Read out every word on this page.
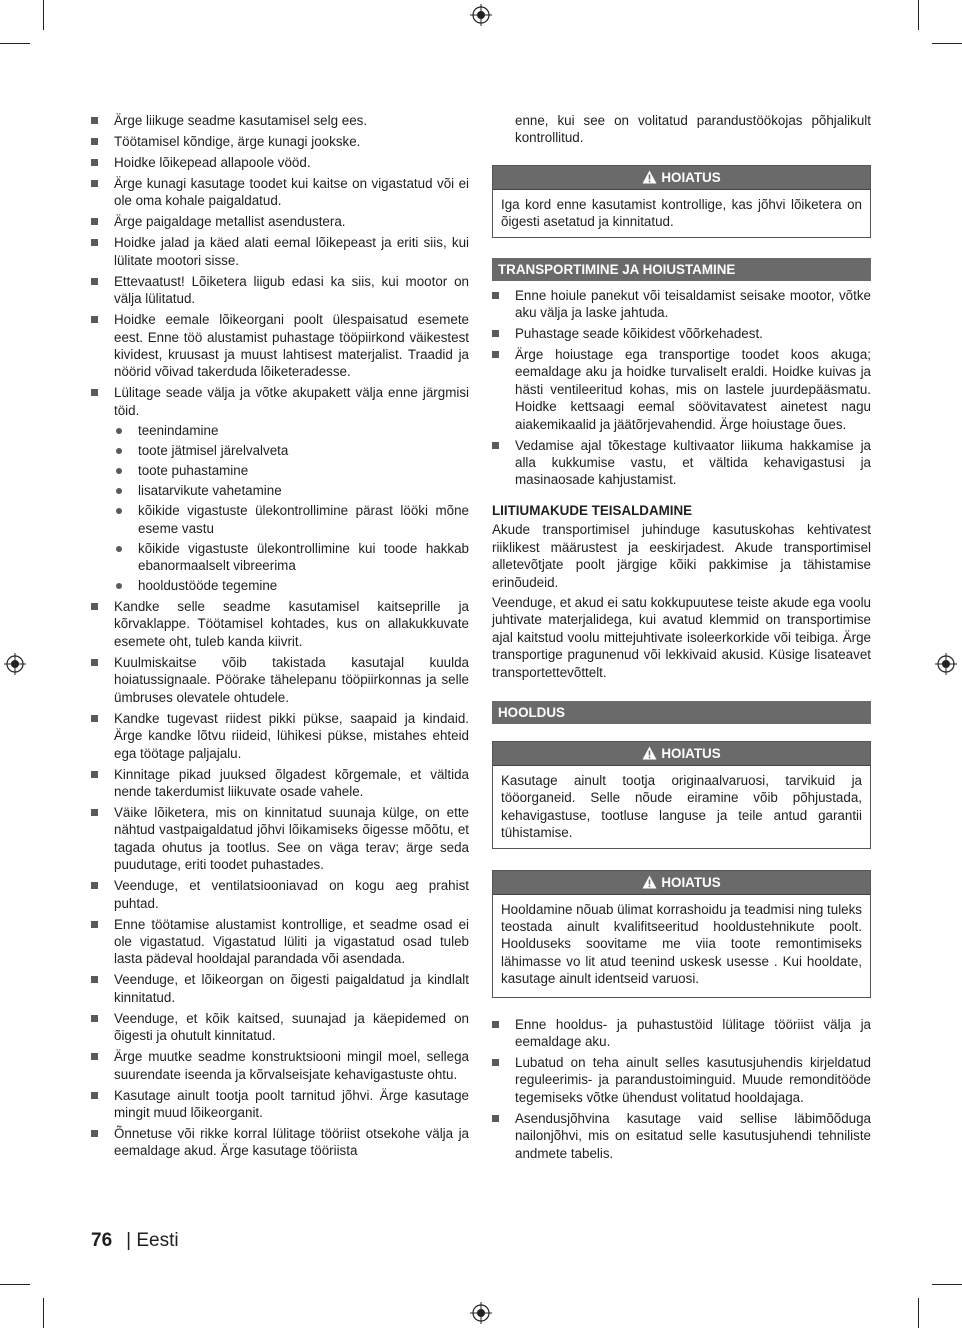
Ärge liikuge seadme kasutamisel selg ees.
Töötamisel kõndige, ärge kunagi jookske.
Hoidke lõikepead allapoole vööd.
Ärge kunagi kasutage toodet kui kaitse on vigastatud või ei ole oma kohale paigaldatud.
Ärge paigaldage metallist asendustera.
Hoidke jalad ja käed alati eemal lõikepeast ja eriti siis, kui lülitate mootori sisse.
Ettevaatust! Lõiketera liigub edasi ka siis, kui mootor on välja lülitatud.
Hoidke eemale lõikeorgani poolt ülespaisatud esemete eest. Enne töö alustamist puhastage tööpiirkond väikestest kividest, kruusast ja muust lahtisest materjalist. Traadid ja nöörid võivad takerduda lõiketeradesse.
Lülitage seade välja ja võtke akupakett välja enne järgmisi töid.
teenindamine
toote jätmisel järelvalveta
toote puhastamine
lisatarvikute vahetamine
kõikide vigastuste ülekontrollimine pärast lööki mõne eseme vastu
kõikide vigastuste ülekontrollimine kui toode hakkab ebanormaalselt vibreerima
hooldustööde tegemine
Kandke selle seadme kasutamisel kaitseprille ja kõrvaklappe. Töötamisel kohtades, kus on allakukkuvate esemete oht, tuleb kanda kiivrit.
Kuulmiskaitse võib takistada kasutajal kuulda hoiatussignaale. Pöörake tähelepanu tööpiirkonnas ja selle ümbruses olevatele ohtudele.
Kandke tugevast riidest pikki pükse, saapaid ja kindaid. Ärge kandke lõtvu riideid, lühikesi pükse, mistahes ehteid ega töötage paljajalu.
Kinnitage pikad juuksed õlgadest kõrgemale, et vältida nende takerdumist liikuvate osade vahele.
Väike lõiketera, mis on kinnitatud suunaja külge, on ette nähtud vastpaigaldatud jõhvi lõikamiseks õigesse mõõtu, et tagada ohutus ja tootlus. See on väga terav; ärge seda puudutage, eriti toodet puhastades.
Veenduge, et ventilatsiooniavad on kogu aeg prahist puhtad.
Enne töötamise alustamist kontrollige, et seadme osad ei ole vigastatud. Vigastatud lüliti ja vigastatud osad tuleb lasta pädeval hooldajal parandada või asendada.
Veenduge, et lõikeorgan on õigesti paigaldatud ja kindlalt kinnitatud.
Veenduge, et kõik kaitsed, suunajad ja käepidemed on õigesti ja ohutult kinnitatud.
Ärge muutke seadme konstruktsiooni mingil moel, sellega suurendate iseenda ja kõrvalseisjate kehavigastuste ohtu.
Kasutage ainult tootja poolt tarnitud jõhvi. Ärge kasutage mingit muud lõikeorganit.
Õnnetuse või rikke korral lülitage tööriist otsekohe välja ja eemaldage akud. Ärge kasutage tööriista

enne, kui see on volitatud parandustöökojas põhjalikult kontrollitud.

HOIATUS
Iga kord enne kasutamist kontrollige, kas jõhvi lõiketera on õigesti asetatud ja kinnitatud.
TRANSPORTIMINE JA HOIUSTAMINE
Enne hoiule panekut või teisaldamist seisake mootor, võtke aku välja ja laske jahtuda.
Puhastage seade kõikidest võõrkehadest.
Ärge hoiustage ega transportige toodet koos akuga; eemaldage aku ja hoidke turvaliselt eraldi. Hoidke kuivas ja hästi ventileeritud kohas, mis on lastele juurdepääsmatu. Hoidke kettsaagi eemal söövitavatest ainetest nagu aiakemikaalid ja jäätõrjevahendid. Ärge hoiustage õues.
Vedamise ajal tõkestage kultivaator liikuma hakkamise ja alla kukkumise vastu, et vältida kehavigastusi ja masinaosade kahjustamist.
LIITIUMAKUDE TEISALDAMINE

Akude transportimisel juhinduge kasutuskohas kehtivatest riiklikest määrustest ja eeskirjadest. Akude transportimisel alletevõtjate poolt järgige kõiki pakkimise ja tähistamise erinõudeid.

Veenduge, et akud ei satu kokkupuutese teiste akude ega voolu juhtivate materjalidega, kui avatud klemmid on transportimise ajal kaitstud voolu mittejuhtivate isoleerkorkide või teibiga. Ärge transportige pragunenud või lekkivaid akusid. Küsige lisateavet transportettevõttelt.

HOOLDUS
HOIATUS
Kasutage ainult tootja originaalvaruosi, tarvikuid ja tööorganeid. Selle nõude eiramine võib põhjustada, kehavigastuse, tootluse languse ja teile antud garantii tühistamise.
HOIATUS
Hooldamine nõuab ülimat korrashoidu ja teadmisi ning tuleks teostada ainult kvalifitseeritud hooldustehnikute poolt. Hoolduseks soovitame me viia toote remontimiseks lähimasse vo lit atud teenind uskesk usesse . Kui hooldate, kasutage ainult identseid varuosi.
Enne hooldus- ja puhastustöid lülitage tööriist välja ja eemaldage aku.
Lubatud on teha ainult selles kasutusjuhendis kirjeldatud reguleerimis- ja parandustoiminguid. Muude remonditööde tegemiseks võtke ühendust volitatud hooldajaga.
Asendusjõhvina kasutage vaid sellise läbimõõduga nailonjõhvi, mis on esitatud selle kasutusjuhendi tehniliste andmete tabelis.
76 | Eesti
